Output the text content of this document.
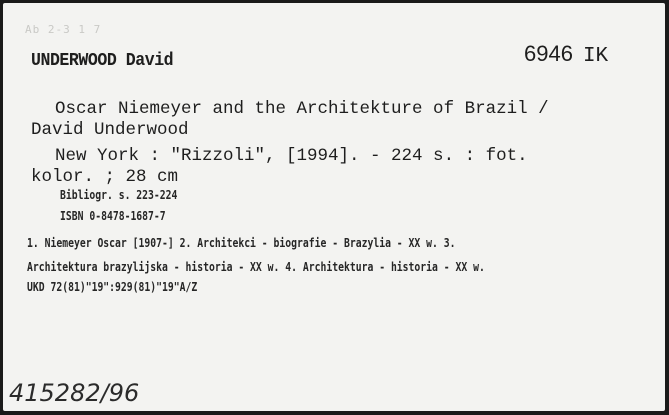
Ab 2-3 1 7
UNDERWOOD David	6946 IK
Oscar Niemeyer and the Architekture of Brazil /
David Underwood
New York : "Rizzoli", [1994]. - 224 s. : fot.
kolor. ; 28 cm
Bibliogr. s. 223-224
ISBN 0-8478-1687-7
1. Niemeyer Oscar [1907-] 2. Architekci - biografie - Brazylia - XX w. 3.
Architektura brazylijska - historia - XX w. 4. Architektura - historia - XX w.
UKD 72(81)"19":929(81)"19"A/Z
415282/96
